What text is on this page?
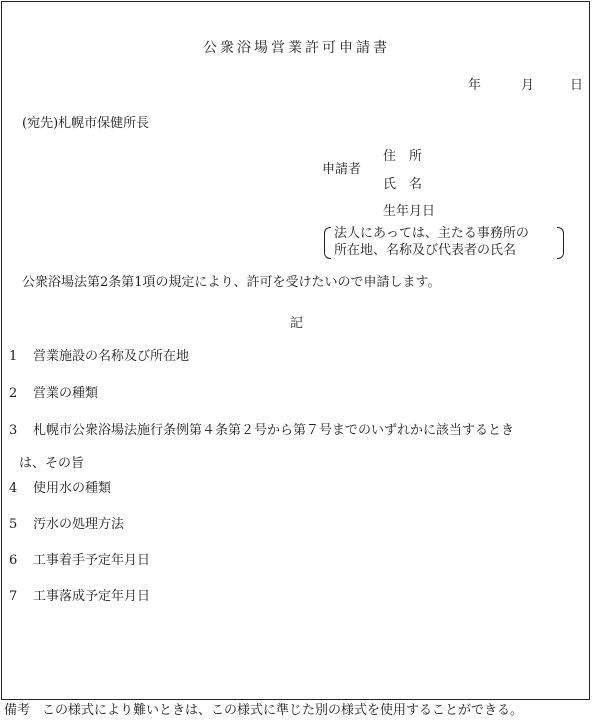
公衆浴場営業許可申請書
年	月	日
(宛先)札幌市保健所長
申請者
住　所
氏　名
生年月日
法人にあっては、主たる事務所の
所在地、名称及び代表者の氏名
公衆浴場法第2条第1項の規定により、許可を受けたいので申請します。
記
1 営業施設の名称及び所在地
2 営業の種類
3 札幌市公衆浴場法施行条例第４条第２号から第７号までのいずれかに該当するとき
は、その旨
4 使用水の種類
5 汚水の処理方法
6 工事着手予定年月日
7 工事落成予定年月日
備考 この様式により難いときは、この様式に準じた別の様式を使用することができる。
